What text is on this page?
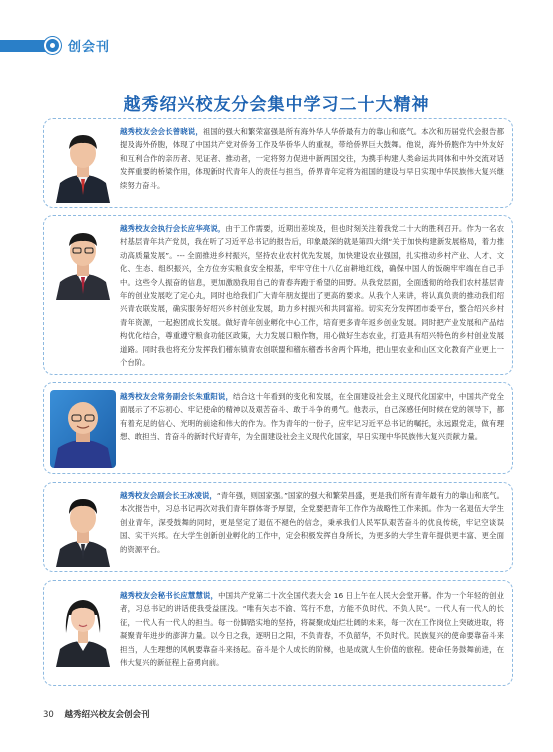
创会刊
越秀绍兴校友分会集中学习二十大精神
越秀校友会会长曾晓说，祖国的强大和繁荣富强是所有海外华人华侨最有力的靠山和底气。本次和历届党代会报告都提及海外侨胞，体现了中国共产党对侨务工作及华侨华人的重视，带给侨界巨大鼓舞。他说，海外侨胞作为中外友好和互利合作的亲历者、见证者、推动者，一定将努力促进中新两国交往，为携手构建人类命运共同体和中外交流对话发挥重要的桥梁作用，体现新时代青年人的责任与担当，侨界青年定将为祖国的建设与早日实现中华民族伟大复兴继续努力奋斗。
越秀校友会执行会长应华亮说，由于工作需要，近期出差埃及，但也时刻关注着我党二十大的胜利召开。作为一名农村基层青年共产党员，我在听了习近平总书记的报告后，印象最深的就是第四大纲“关于加快构建新发展格局，着力推动高质量发展”。--- 全面推进乡村振兴，坚持农业农村优先发展，加快建设农业强国，扎实推动乡村产业、人才、文化、生态、组织振兴，全方位夯实粮食安全根基，牢牢守住十八亿亩耕地红线，确保中国人的饭碗牢牢端在自己手中。这些令人振奋的信息，更加激励我用自己的青春奔跑于希望的田野。从我党层面，全面透彻的给我们农村基层青年的创业发展吃了定心丸，同时也给我们广大青年朋友提出了更高的要求。从我个人来讲，将认真负责的推动我们绍兴青农联发展，确实服务好绍兴乡村创业发展，助力乡村振兴和共同富裕。切实充分发挥团市委平台，整合绍兴乡村青年资源，一起抱团成长发展。做好青年创业孵化中心工作，培育更多青年返乡创业发展。同时把产业发展和产品结构优化结合，尊重遵守粮食功能区政策，大力发展口粮作物，用心做好生态农业，打造具有绍兴特色的乡村创业发展道路。同时我也将充分发挥我们稽东镇青农创联盟和稽东稽香书舍两个阵地，把山里农业和山区文化教育产业更上一个台阶。
越秀校友会常务副会长朱重阳说，结合这十年看到的变化和发展，在全面建设社会主义现代化国家中，中国共产党全面展示了不忘初心、牢记使命的精神以及艰苦奋斗、敢于斗争的勇气。他表示，自己深感任何时候在党的领导下，都有着充足的信心、光明的前途和伟大的作为。作为青年的一份子，应牢记习近平总书记的嘱托，永远跟党走，做有理想、敢担当、肯奋斗的新时代好青年，为全面建设社会主义现代化国家，早日实现中华民族伟大复兴贡献力量。
越秀校友会副会长王冰凌说，“青年强，则国家强。”国家的强大和繁荣昌盛，更是我们所有青年最有力的靠山和底气。本次报告中，习总书记再次对我们青年群体寄予厚望，全党要把青年工作作为战略性工作来抓。作为一名退伍大学生创业青年，深受鼓舞的同时，更是坚定了退伍不褪色的信念，秉承我们人民军队艰苦奋斗的优良传统，牢记空谈误国、实干兴邦。在大学生创新创业孵化的工作中，定会积极发挥自身所长，为更多的大学生青年提供更丰富、更全面的资源平台。
越秀校友会秘书长应慧慧说，中国共产党第二十次全国代表大会 16 日上午在人民大会堂开幕。作为一个年轻的创业者，习总书记的讲话使我受益匪浅。“唯有矢志不渝、笃行不怠，方能不负时代、不负人民”。一代人有一代人的长征，一代人有一代人的担当。每一份脚踏实地的坚持，将凝聚成灿烂壮阔的未来，每一次在工作岗位上突破进取，将凝聚青年进步的澎湃力量。以今日之我，逐明日之阳，不负青春，不负韶华，不负时代。民族复兴的使命要靠奋斗来担当，人生理想的风帆要靠奋斗来扬起。奋斗是个人成长的阶梯，也是成就人生价值的旅程。使命任务鼓舞前进，在伟大复兴的新征程上奋勇向前。
30 越秀绍兴校友会创会刊
